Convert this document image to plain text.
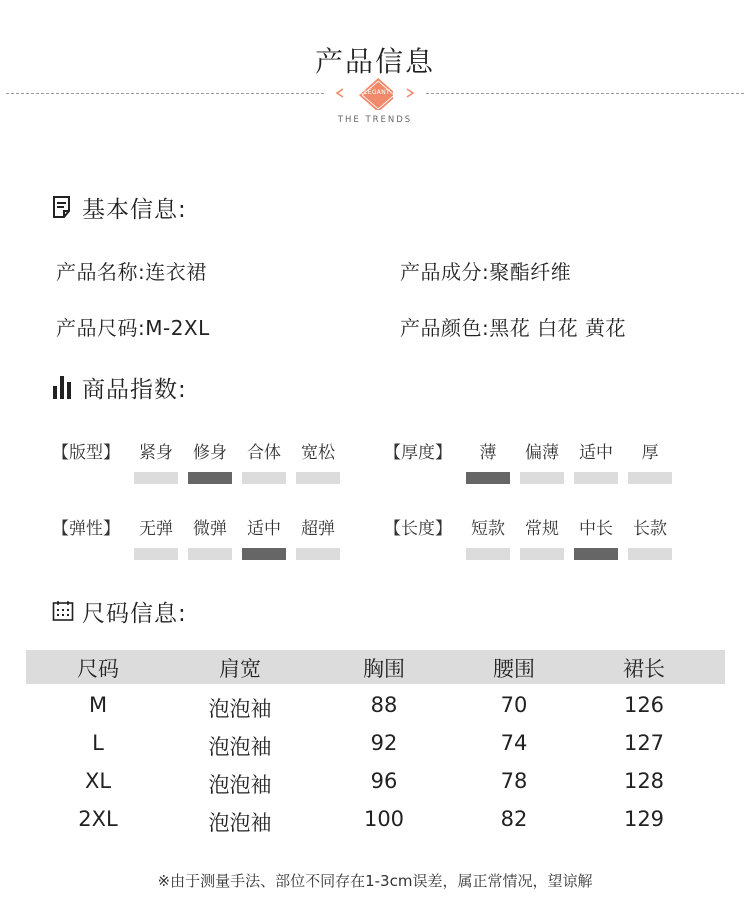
产品信息
ELEGANT
THE TRENDS
基本信息:
产品名称:连衣裙	产品成分:聚酯纤维
产品尺码:M-2XL	产品颜色:黑花 白花 黄花
商品指数:
【版型】	紧身	修身	合体	宽松	【厚度】	薄	偏薄	适中	厚
【弹性】	无弹	微弹	适中	超弹	【长度】	短款	常规	中长	长款
尺码信息:
尺码	肩宽	胸围	腰围	裙长
M	泡泡袖	88	70	126
L	泡泡袖	92	74	127
XL	泡泡袖	96	78	128
2XL	泡泡袖	100	82	129
※由于测量手法、部位不同存在1-3cm误差，属正常情况，望谅解
